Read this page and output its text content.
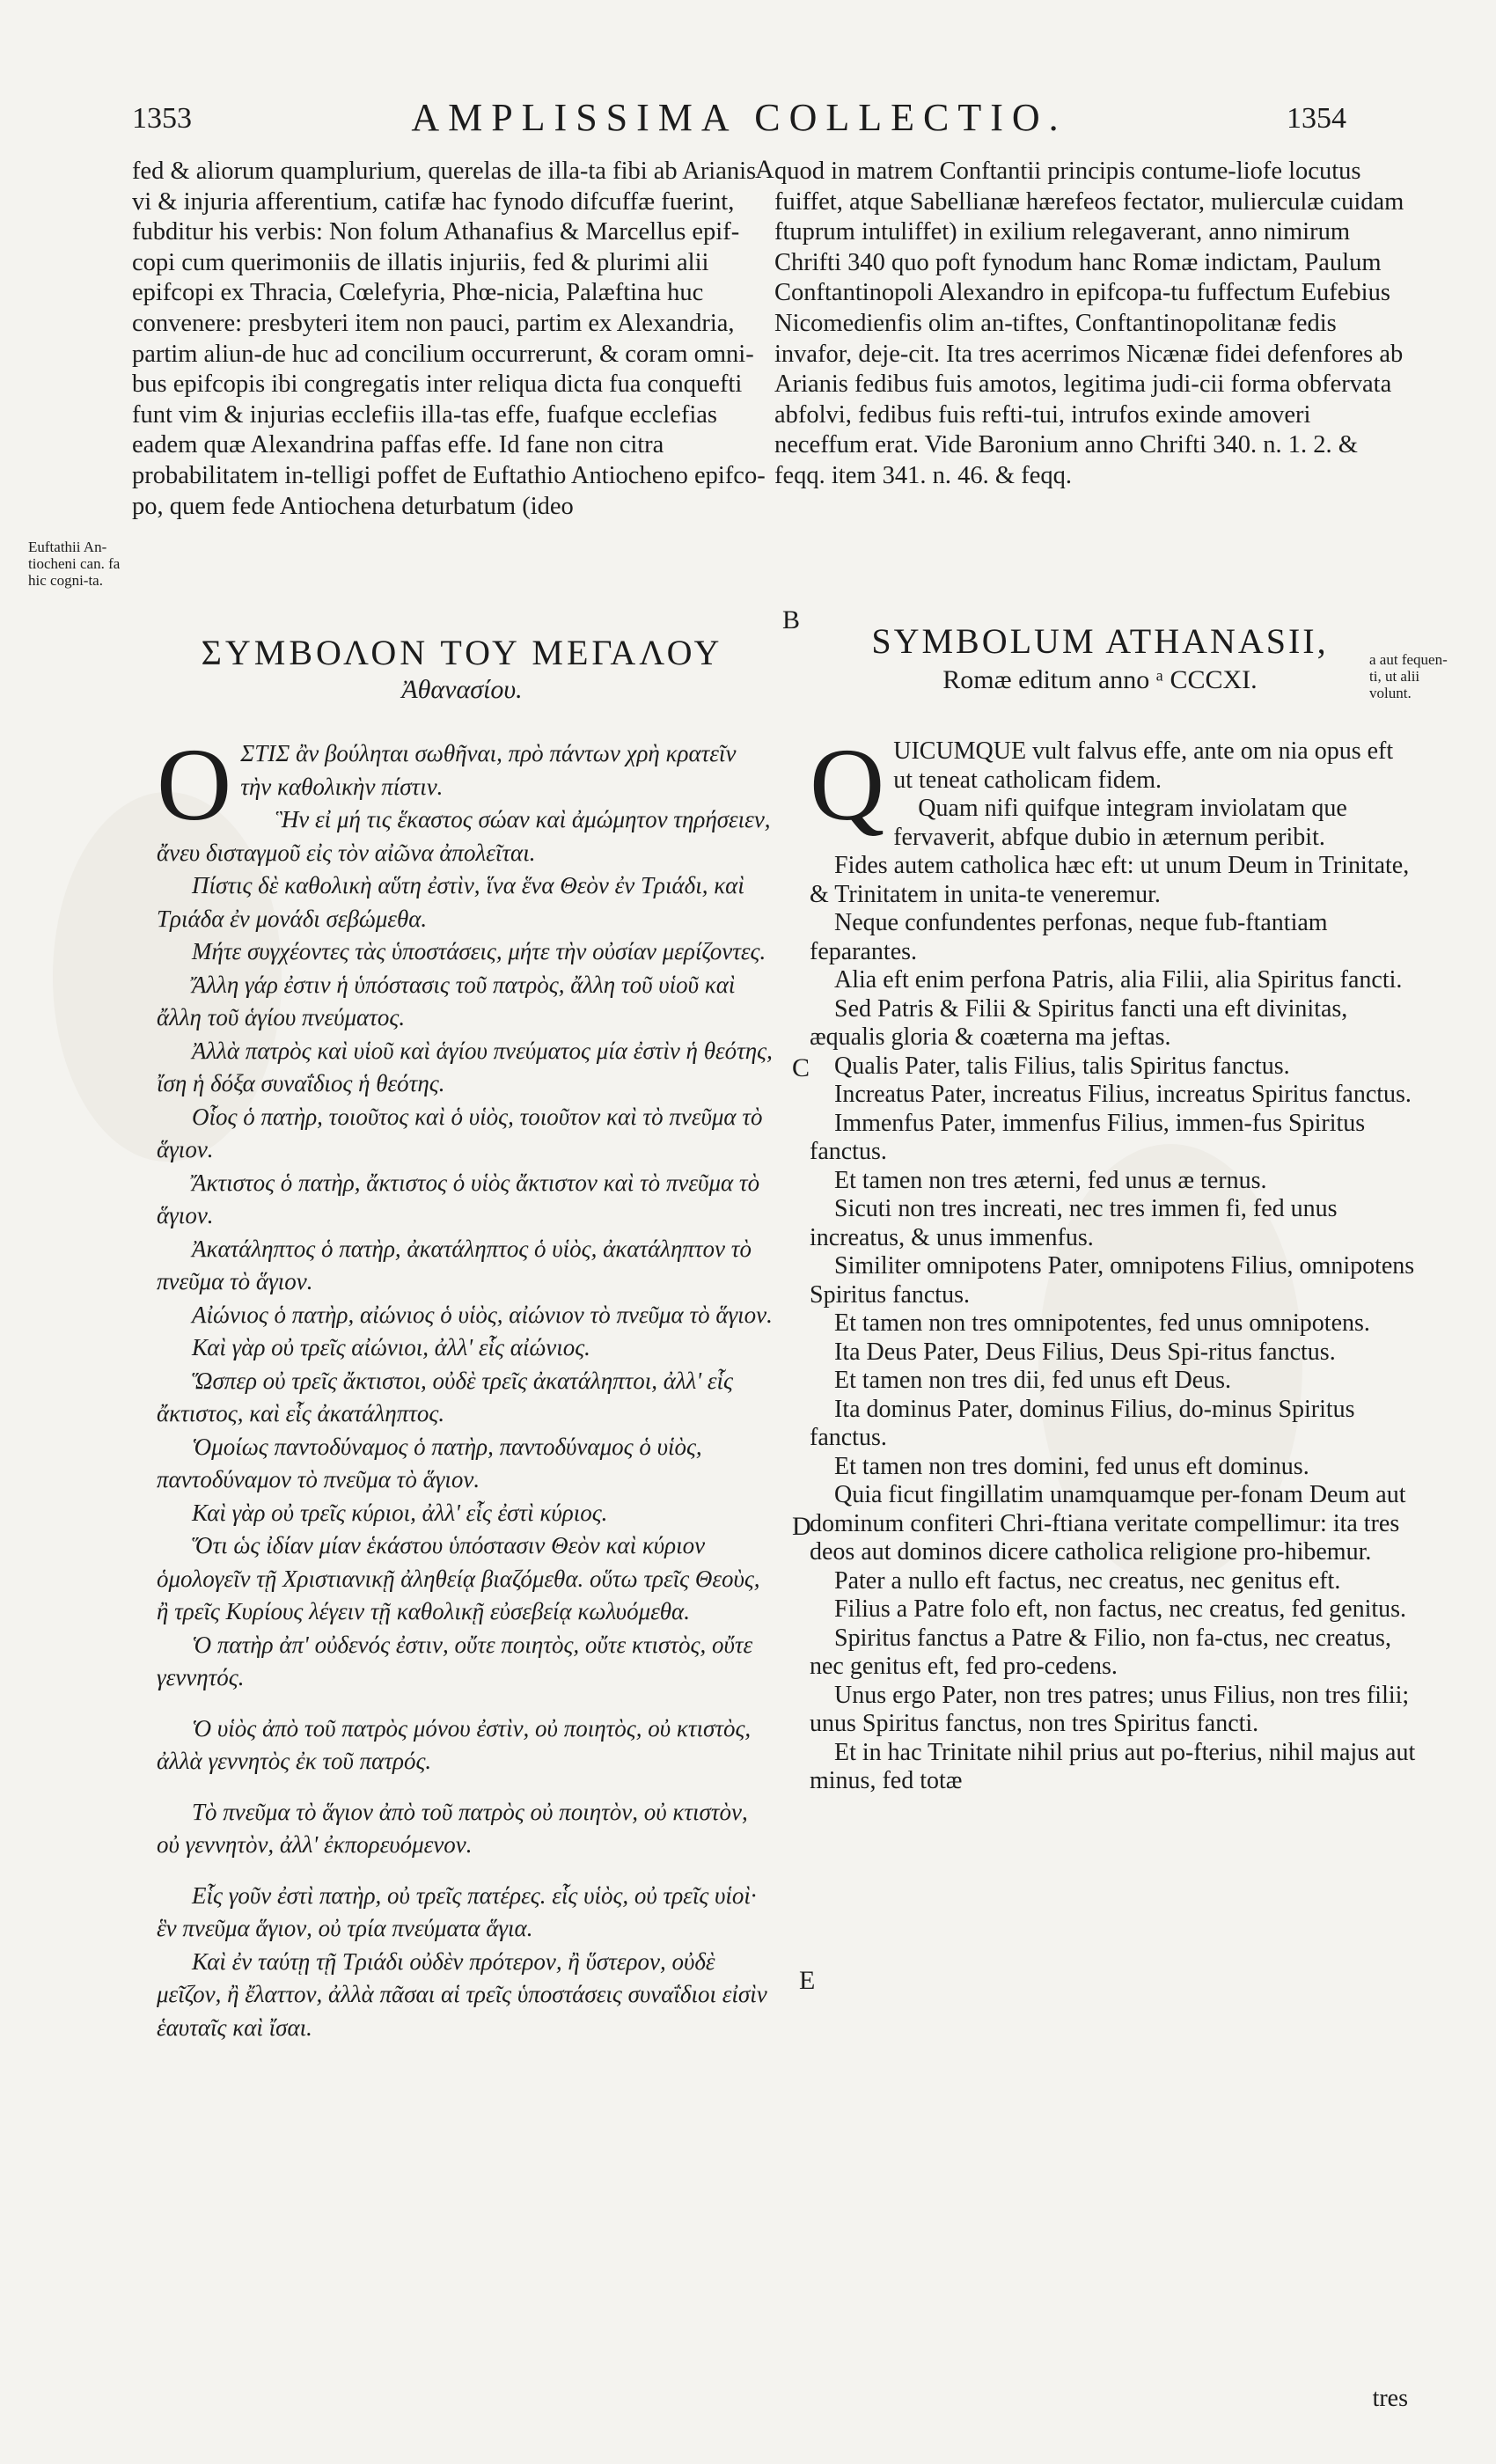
1353	AMPLISSIMA COLLECTIO.	1354
fed & aliorum quamplurium, querelas de illa-ta fibi ab Arianis vi & injuria afferentium, catifæ hac fynodo difcuffæ fuerint, fubditur his verbis: Non folum Athanafius & Marcellus epif-copi cum querimoniis de illatis injuriis, fed & plurimi alii epifcopi ex Thracia, Cœlefyria, Phœ-nicia, Palæftina huc convenere: presbyteri item non pauci, partim ex Alexandria, partim aliun-de huc ad concilium occurrerunt, & coram omni-bus epifcopis ibi congregatis inter reliqua dicta fua conquefti funt vim & injurias ecclefiis illa-tas effe, fuafque ecclefias eadem quæ Alexandrina paffas effe. Id fane non citra probabilitatem in-telligi poffet de Euftathio Antiocheno epifco-po, quem fede Antiochena deturbatum (ideo
A quod in matrem Conftantii principis contume-liofe locutus fuiffet, atque Sabellianæ hærefeos fectator, mulierculæ cuidam ftuprum intuliffet) in exilium relegaverant, anno nimirum Chrifti 340 quo poft fynodum hanc Romæ indictam, Paulum Conftantinopoli Alexandro in epifcopa-tu fuffectum Eufebius Nicomedienfis olim an-tiftes, Conftantinopolitanæ fedis invafor, deje-cit. Ita tres acerrimos Nicænæ fidei defenfores ab Arianis fedibus fuis amotos, legitima judi-cii forma obfervata abfolvi, fedibus fuis refti-tui, intrufos exinde amoveri neceffum erat. Vide Baronium anno Chrifti 340. n. 1. 2. & feqq. item 341. n. 46. & feqq.
Euftathii An-tiocheni can. fa hic cogni-ta.
B
ΣΥΜΒΟΛΟΝ ΤΟΥ ΜΕΓΑΛΟΥ
Ἀθανασίου.
SYMBOLUM ATHANASII,
Romæ editum anno ᵃ CCCXI.
a aut fequen-ti, ut alii volunt.
O ΣΤΙΣ ἂν βούληται σωθῆναι, πρὸ πάντων χρὴ κρατεῖν τὴν καθολικὴν πίστιν.

Ἣν εἰ μή τις ἕκαστος σώαν καὶ ἀμώμητον τηρήσειεν, ἄνευ δισταγμοῦ εἰς τὸν αἰῶνα ἀπολεῖται.

Πίστις δὲ καθολικὴ αὕτη ἐστὶν, ἵνα ἕνα Θεὸν ἐν Τριάδι, καὶ Τριάδα ἐν μονάδι σεβώμεθα.

Μήτε συγχέοντες τὰς ὑποστάσεις, μήτε τὴν οὐσίαν μερίζοντες.

Ἄλλη γάρ ἐστιν ἡ ὑπόστασις τοῦ πατρὸς, ἄλλη τοῦ υἱοῦ καὶ ἄλλη τοῦ ἁγίου πνεύματος.

Ἀλλὰ πατρὸς καὶ υἱοῦ καὶ ἁγίου πνεύματος μία ἐστὶν ἡ θεότης, ἴση ἡ δόξα συναΐδιος ἡ θεότης.

Οἷος ὁ πατὴρ, τοιοῦτος καὶ ὁ υἱὸς, τοιοῦτον καὶ τὸ πνεῦμα τὸ ἅγιον.

Ἄκτιστος ὁ πατὴρ, ἄκτιστος ὁ υἱὸς ἄκτιστον καὶ τὸ πνεῦμα τὸ ἅγιον.

Ἀκατάληπτος ὁ πατὴρ, ἀκατάληπτος ὁ υἱὸς, ἀκατάληπτον τὸ πνεῦμα τὸ ἅγιον.

Αἰώνιος ὁ πατὴρ, αἰώνιος ὁ υἱὸς, αἰώνιον τὸ πνεῦμα τὸ ἅγιον.

Καὶ γὰρ οὐ τρεῖς αἰώνιοι, ἀλλ' εἷς αἰώνιος.

Ὥσπερ οὐ τρεῖς ἄκτιστοι, οὐδὲ τρεῖς ἀκατάληπτοι, ἀλλ' εἷς ἄκτιστος, καὶ εἷς ἀκατάληπτος.

Ὁμοίως παντοδύναμος ὁ πατὴρ, παντοδύναμος ὁ υἱὸς, παντοδύναμον τὸ πνεῦμα τὸ ἅγιον.

Καὶ γὰρ οὐ τρεῖς κύριοι, ἀλλ' εἷς ἐστὶ κύριος.

Ὅτι ὡς ἰδίαν μίαν ἑκάστου ὑπόστασιν Θεὸν καὶ κύριον ὁμολογεῖν τῇ Χριστιανικῇ ἀληθείᾳ βιαζόμεθα. οὕτω τρεῖς Θεοὺς, ἢ τρεῖς Κυρίους λέγειν τῇ καθολικῇ εὐσεβείᾳ κωλυόμεθα.

Ὁ πατὴρ ἀπ' οὐδενός ἐστιν, οὔτε ποιητὸς, οὔτε κτιστὸς, οὔτε γεννητός.

Ὁ υἱὸς ἀπὸ τοῦ πατρὸς μόνου ἐστὶν, οὐ ποιητὸς, οὐ κτιστὸς, ἀλλὰ γεννητὸς ἐκ τοῦ πατρός.

Τὸ πνεῦμα τὸ ἅγιον ἀπὸ τοῦ πατρὸς οὐ ποιητὸν, οὐ κτιστὸν, οὐ γεννητὸν, ἀλλ' ἐκπορευόμενον.

Εἷς γοῦν ἐστὶ πατὴρ, οὐ τρεῖς πατέρες. εἷς υἱὸς, οὐ τρεῖς υἱοὶ· ἓν πνεῦμα ἅγιον, οὐ τρία πνεύματα ἅγια.

Καὶ ἐν ταύτῃ τῇ Τριάδι οὐδὲν πρότερον, ἢ ὕστερον, οὐδὲ μεῖζον, ἢ ἔλαττον, ἀλλὰ πᾶσαι αἱ τρεῖς ὑποστάσεις συναΐδιοι εἰσὶν ἑαυταῖς καὶ ἴσαι.

Q UICUMQUE vult falvus effe, ante om nia opus eft ut teneat catholicam fidem.

Quam nifi quifque integram inviolatam que fervaverit, abfque dubio in æternum peribit.

Fides autem catholica hæc eft: ut unum Deum in Trinitate, & Trinitatem in unita-te veneremur.

Neque confundentes perfonas, neque fub-ftantiam feparantes.

Alia eft enim perfona Patris, alia Filii, alia Spiritus fancti.

Sed Patris & Filii & Spiritus fancti una eft divinitas, æqualis gloria & coæterna ma jeftas.

Qualis Pater, talis Filius, talis Spiritus fanctus.

Increatus Pater, increatus Filius, increatus Spiritus fanctus.

Immenfus Pater, immenfus Filius, immen-fus Spiritus fanctus.

Et tamen non tres æterni, fed unus æ ternus.

Sicuti non tres increati, nec tres immen fi, fed unus increatus, & unus immenfus.

Similiter omnipotens Pater, omnipotens Filius, omnipotens Spiritus fanctus.

Et tamen non tres omnipotentes, fed unus omnipotens.

Ita Deus Pater, Deus Filius, Deus Spi-ritus fanctus.

Et tamen non tres dii, fed unus eft Deus.

Ita dominus Pater, dominus Filius, do-minus Spiritus fanctus.

Et tamen non tres domini, fed unus eft dominus.

Quia ficut fingillatim unamquamque per-fonam Deum aut dominum confiteri Chri-ftiana veritate compellimur: ita tres deos aut dominos dicere catholica religione pro-hibemur.

Pater a nullo eft factus, nec creatus, nec genitus eft.

Filius a Patre folo eft, non factus, nec creatus, fed genitus.

Spiritus fanctus a Patre & Filio, non fa-ctus, nec creatus, nec genitus eft, fed pro-cedens.

Unus ergo Pater, non tres patres; unus Filius, non tres filii; unus Spiritus fanctus, non tres Spiritus fancti.

Et in hac Trinitate nihil prius aut po-fterius, nihil majus aut minus, fed totæ

C
D
E
tres
